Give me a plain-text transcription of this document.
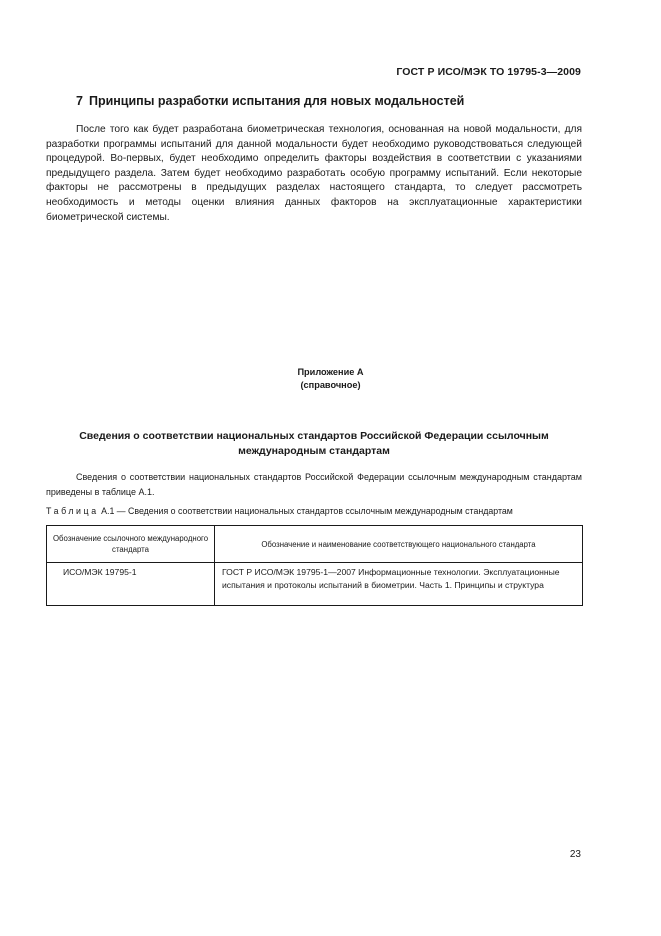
ГОСТ Р ИСО/МЭК ТО 19795-3—2009
7 Принципы разработки испытания для новых модальностей

После того как будет разработана биометрическая технология, основанная на новой модальности, для разработки программы испытаний для данной модальности будет необходимо руководствоваться следующей процедурой. Во-первых, будет необходимо определить факторы воздействия в соответствии с указаниями предыдущего раздела. Затем будет необходимо разработать особую программу испытаний. Если некоторые факторы не рассмотрены в предыдущих разделах настоящего стандарта, то следует рассмотреть необходимость и методы оценки влияния данных факторов на эксплуатационные характеристики биометрической системы.

Приложение А
(справочное)
Сведения о соответствии национальных стандартов Российской Федерации ссылочным международным стандартам

Сведения о соответствии национальных стандартов Российской Федерации ссылочным международным стандартам приведены в таблице А.1.

Таблица А.1 — Сведения о соответствии национальных стандартов ссылочным международным стандартам
Обозначение ссылочного международного стандарта	Обозначение и наименование соответствующего национального стандарта
ИСО/МЭК 19795-1	ГОСТ Р ИСО/МЭК 19795-1—2007 Информационные технологии. Эксплуатационные испытания и протоколы испытаний в биометрии. Часть 1. Принципы и структура
23
